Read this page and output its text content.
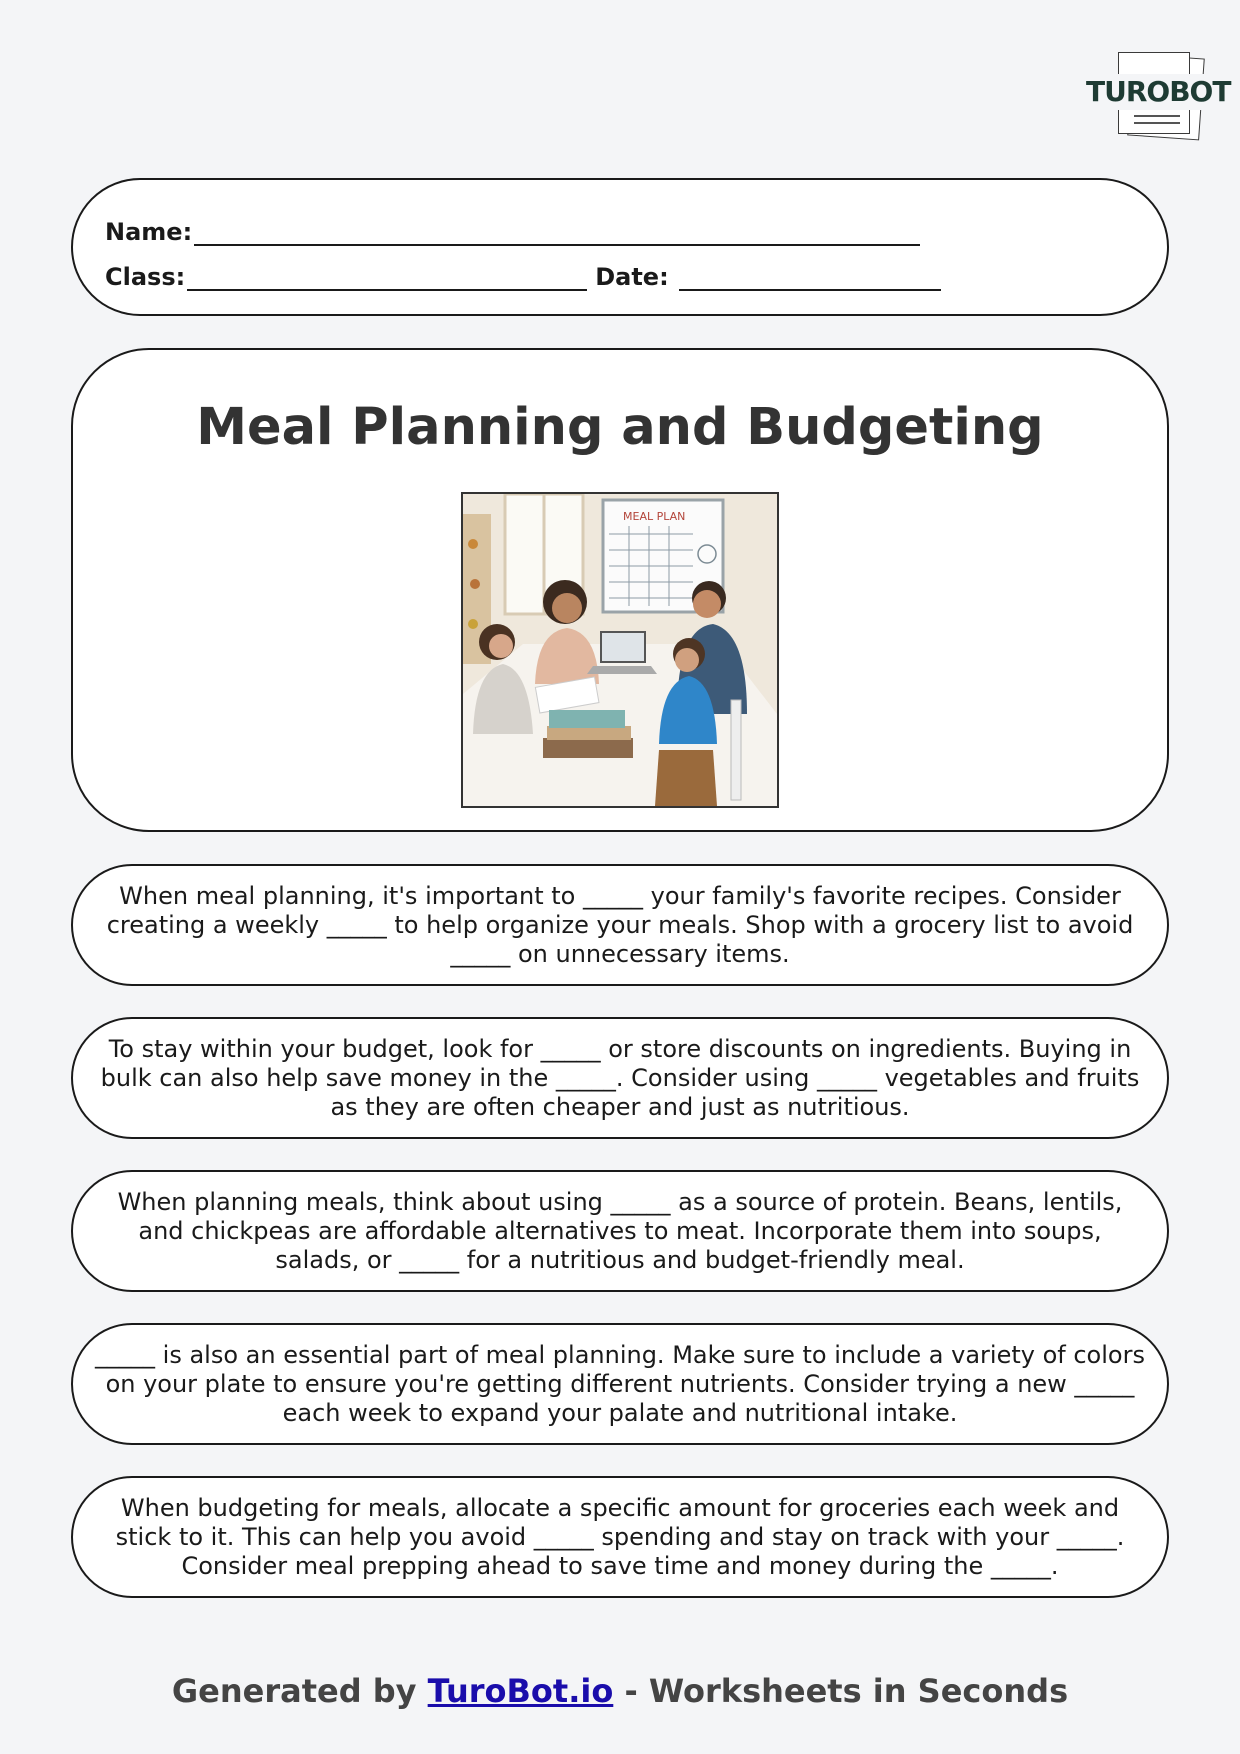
TUROBOT
Name:
Class:	Date:
Meal Planning and Budgeting
MEAL PLAN

When meal planning, it's important to _____ your family's favorite recipes. Consider creating a weekly _____ to help organize your meals. Shop with a grocery list to avoid _____ on unnecessary items.

To stay within your budget, look for _____ or store discounts on ingredients. Buying in bulk can also help save money in the _____. Consider using _____ vegetables and fruits as they are often cheaper and just as nutritious.

When planning meals, think about using _____ as a source of protein. Beans, lentils, and chickpeas are affordable alternatives to meat. Incorporate them into soups, salads, or _____ for a nutritious and budget-friendly meal.

_____ is also an essential part of meal planning. Make sure to include a variety of colors on your plate to ensure you're getting different nutrients. Consider trying a new _____ each week to expand your palate and nutritional intake.

When budgeting for meals, allocate a specific amount for groceries each week and stick to it. This can help you avoid _____ spending and stay on track with your _____. Consider meal prepping ahead to save time and money during the _____.

Generated by TuroBot.io - Worksheets in Seconds
